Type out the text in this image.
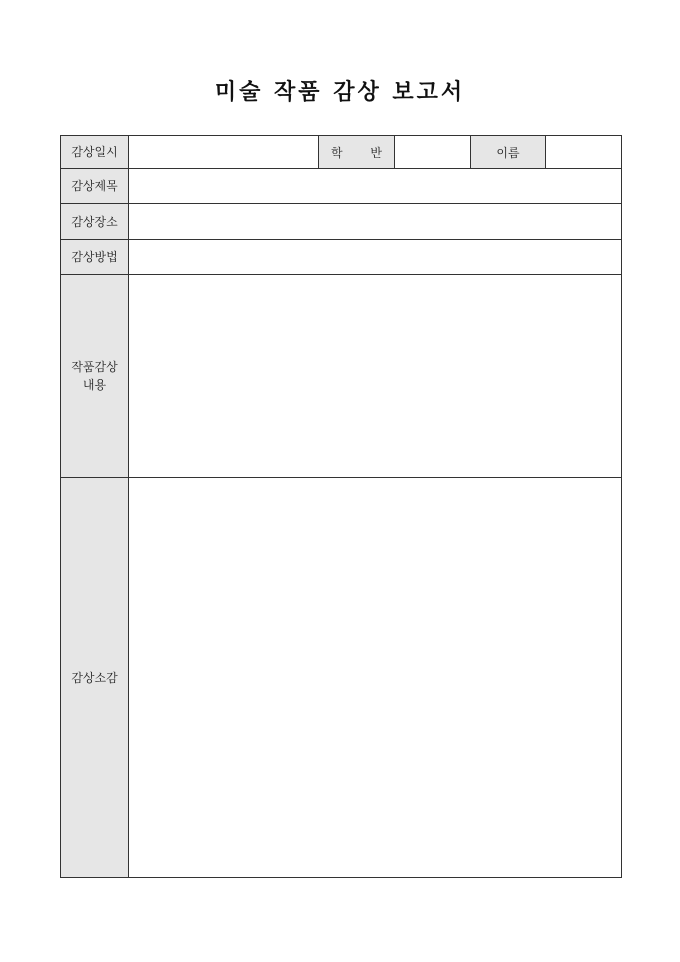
미술 작품 감상 보고서
감상일시		학 반		이름	
감상제목					
감상장소					
감상방법					

작품감상
내용					

감상소감					
